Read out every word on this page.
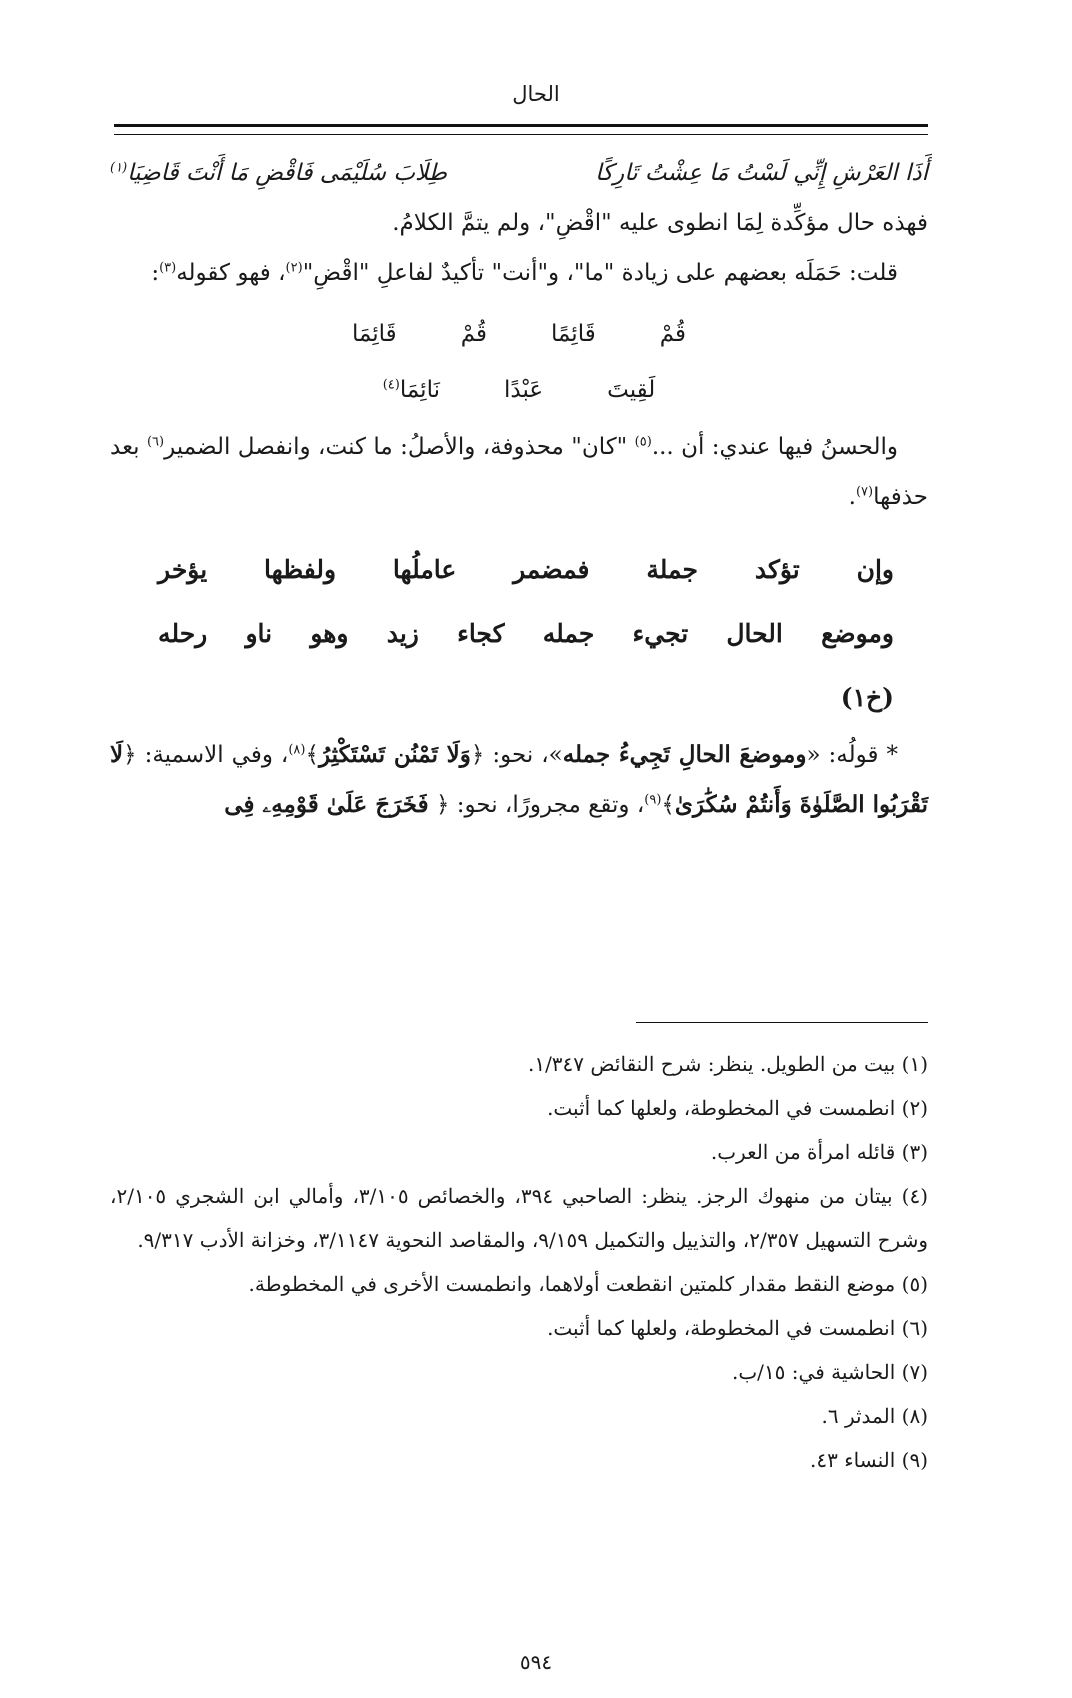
الحال
أَذَا العَرْشِ إِنِّي لَسْتُ مَا عِشْتُ تَارِكًا
طِلَابَ سُلَيْمَى فَاقْضِ مَا أَنْتَ قَاضِيَا$^{(١)}$

فهذه حال مؤكِّدة لِمَا انطوى عليه "اقْضِ"، ولم يتمَّ الكلامُ.

قلت: حَمَلَه بعضهم على زيادة "ما"، و"أنت" تأكيدٌ لفاعلِ "اقْضِ"$^{(٢)}$، فهو كقوله$^{(٣)}$:

قُمْ
قَائِمًا
قُمْ
قَائِمَا
لَقِيتَ
عَبْدًا
نَائِمَا$^{(٤)}$

والحسنُ فيها عندي: أن ...$^{(٥)}$ "كان" محذوفة، والأصلُ: ما كنت، وانفصل الضمير$^{(٦)}$ بعد حذفها$^{(٧)}$.

وإن
تؤكد
جملة
فمضمر
عاملُها
ولفظها
يؤخر
وموضع
الحال
تجيء
جمله
كجاء
زيد
وهو
ناو
رحله
(خ١)

* قولُه: «وموضعَ الحالِ تَجِيءُ جمله»، نحو: ﴿وَلَا تَمْنُن تَسْتَكْثِرُ﴾$^{(٨)}$، وفي الاسمية: ﴿لَا تَقْرَبُوا الصَّلَوٰةَ وَأَنتُمْ سُكَٰرَىٰ﴾$^{(٩)}$، وتقع مجرورًا، نحو: ﴿ فَخَرَجَ عَلَىٰ قَوْمِهِۦ فِى

(١) بيت من الطويل. ينظر: شرح النقائض ١/٣٤٧.

(٢) انطمست في المخطوطة، ولعلها كما أثبت.

(٣) قائله امرأة من العرب.

(٤) بيتان من منهوك الرجز. ينظر: الصاحبي ٣٩٤، والخصائص ٣/١٠٥، وأمالي ابن الشجري ٢/١٠٥، وشرح التسهيل ٢/٣٥٧، والتذييل والتكميل ٩/١٥٩، والمقاصد النحوية ٣/١١٤٧، وخزانة الأدب ٩/٣١٧.

(٥) موضع النقط مقدار كلمتين انقطعت أولاهما، وانطمست الأخرى في المخطوطة.

(٦) انطمست في المخطوطة، ولعلها كما أثبت.

(٧) الحاشية في: ١٥/ب.

(٨) المدثر ٦.

(٩) النساء ٤٣.

٥٩٤
